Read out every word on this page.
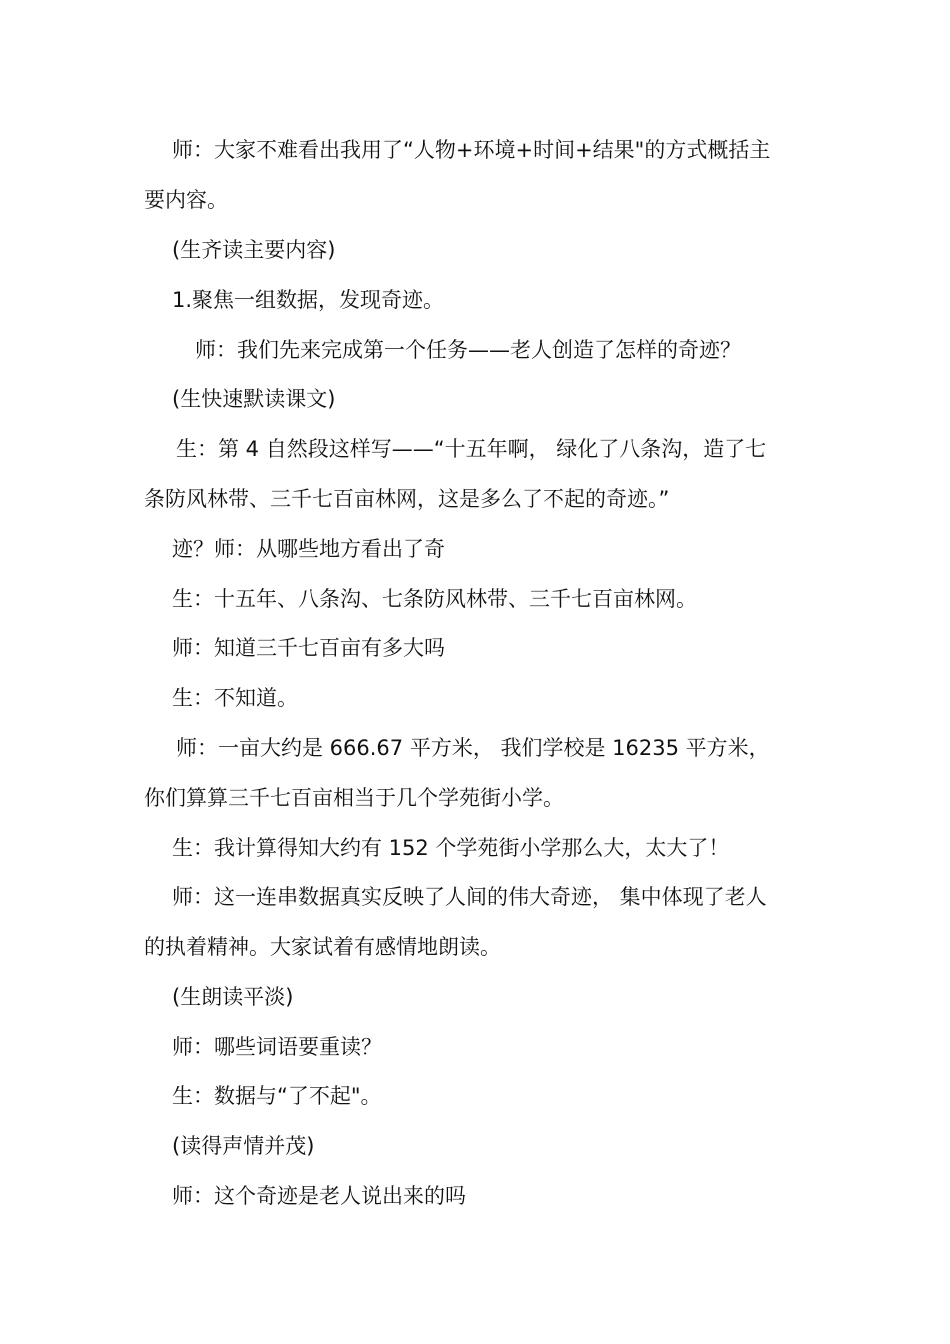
师：大家不难看出我用了“人物+环境+时间+结果"的方式概括主
要内容。
(生齐读主要内容)
1.聚焦一组数据，发现奇迹。
师：我们先来完成第一个任务——老人创造了怎样的奇迹？
(生快速默读课文)
生：第 4 自然段这样写——“十五年啊， 绿化了八条沟，造了七
条防风林带、三千七百亩林网，这是多么了不起的奇迹。”
迹？师：从哪些地方看出了奇
生：十五年、八条沟、七条防风林带、三千七百亩林网。
师：知道三千七百亩有多大吗
生：不知道。
师：一亩大约是 666.67 平方米， 我们学校是 16235 平方米，
你们算算三千七百亩相当于几个学苑街小学。
生：我计算得知大约有 152 个学苑街小学那么大，太大了！
师：这一连串数据真实反映了人间的伟大奇迹， 集中体现了老人
的执着精神。大家试着有感情地朗读。
(生朗读平淡)
师：哪些词语要重读？
生：数据与“了不起"。
(读得声情并茂)
师：这个奇迹是老人说出来的吗
